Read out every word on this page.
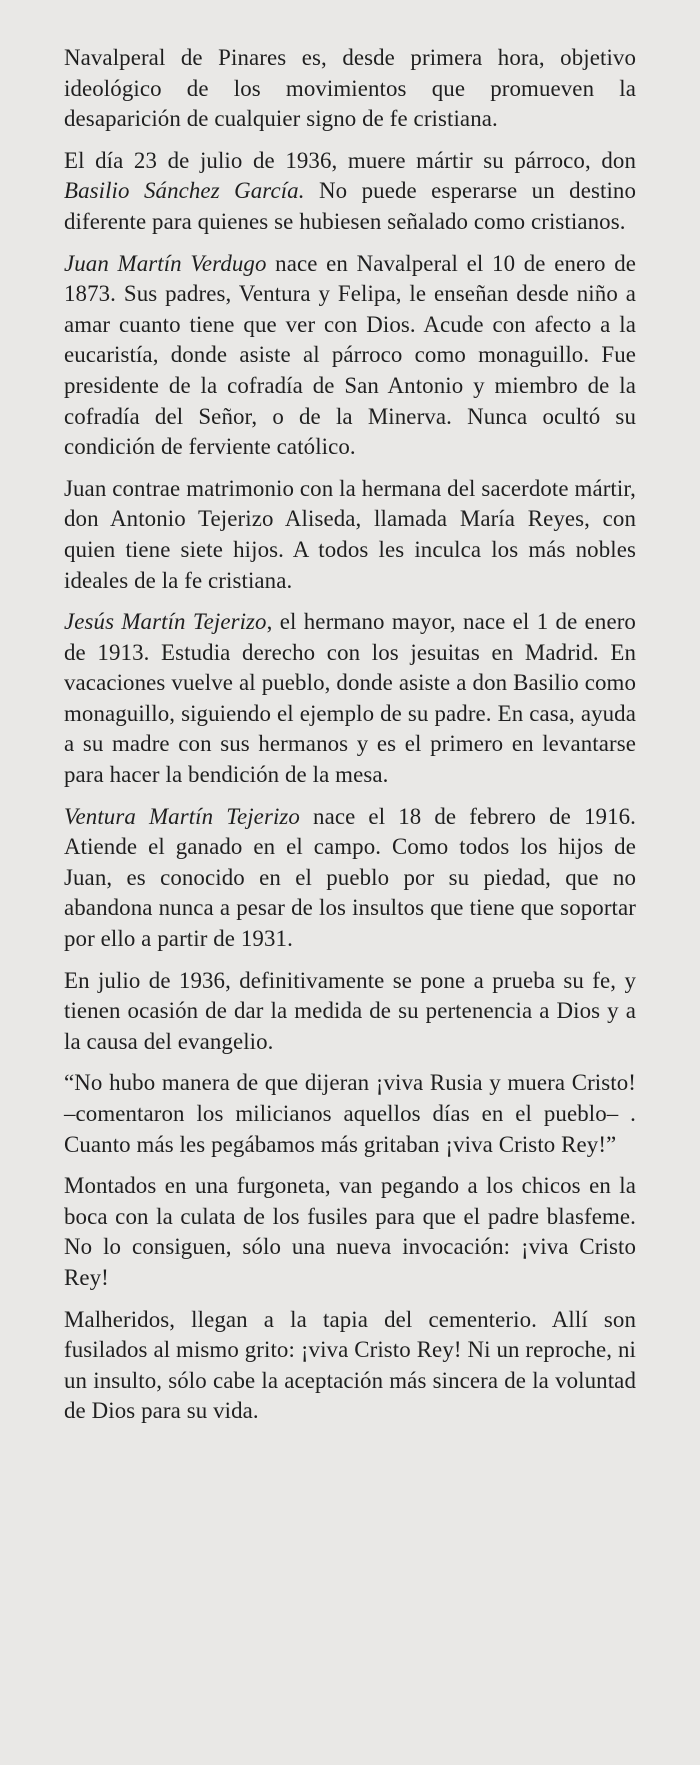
Navalperal de Pinares es, desde primera hora, objetivo ideológico de los movimientos que promueven la desaparición de cualquier signo de fe cristiana.

El día 23 de julio de 1936, muere mártir su párroco, don Basilio Sánchez García. No puede esperarse un destino diferente para quienes se hubiesen señalado como cristianos.

Juan Martín Verdugo nace en Navalperal el 10 de enero de 1873. Sus padres, Ventura y Felipa, le enseñan desde niño a amar cuanto tiene que ver con Dios. Acude con afecto a la eucaristía, donde asiste al párroco como monaguillo. Fue presidente de la cofradía de San Antonio y miembro de la cofradía del Señor, o de la Minerva. Nunca ocultó su condición de ferviente católico.

Juan contrae matrimonio con la hermana del sacerdote mártir, don Antonio Tejerizo Aliseda, llamada María Reyes, con quien tiene siete hijos. A todos les inculca los más nobles ideales de la fe cristiana.

Jesús Martín Tejerizo, el hermano mayor, nace el 1 de enero de 1913. Estudia derecho con los jesuitas en Madrid. En vacaciones vuelve al pueblo, donde asiste a don Basilio como monaguillo, siguiendo el ejemplo de su padre. En casa, ayuda a su madre con sus hermanos y es el primero en levantarse para hacer la bendición de la mesa.

Ventura Martín Tejerizo nace el 18 de febrero de 1916. Atiende el ganado en el campo. Como todos los hijos de Juan, es conocido en el pueblo por su piedad, que no abandona nunca a pesar de los insultos que tiene que soportar por ello a partir de 1931.

En julio de 1936, definitivamente se pone a prueba su fe, y tienen ocasión de dar la medida de su pertenencia a Dios y a la causa del evangelio.

“No hubo manera de que dijeran ¡viva Rusia y muera Cristo! –comentaron los milicianos aquellos días en el pueblo– . Cuanto más les pegábamos más gritaban ¡viva Cristo Rey!”

Montados en una furgoneta, van pegando a los chicos en la boca con la culata de los fusiles para que el padre blasfeme. No lo consiguen, sólo una nueva invocación: ¡viva Cristo Rey!

Malheridos, llegan a la tapia del cementerio. Allí son fusilados al mismo grito: ¡viva Cristo Rey! Ni un reproche, ni un insulto, sólo cabe la aceptación más sincera de la voluntad de Dios para su vida.
